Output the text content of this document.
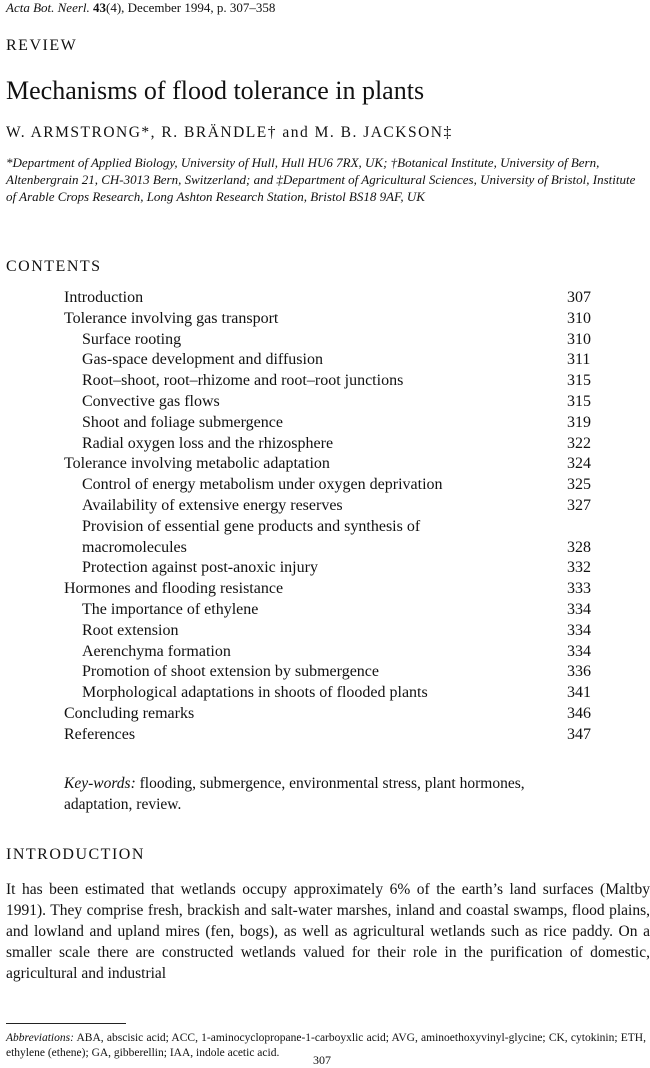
Acta Bot. Neerl. 43(4), December 1994, p. 307–358
REVIEW
Mechanisms of flood tolerance in plants
W. ARMSTRONG*, R. BRÄNDLE† and M. B. JACKSON‡
*Department of Applied Biology, University of Hull, Hull HU6 7RX, UK; †Botanical Institute, University of Bern, Altenbergrain 21, CH-3013 Bern, Switzerland; and ‡Department of Agricultural Sciences, University of Bristol, Institute of Arable Crops Research, Long Ashton Research Station, Bristol BS18 9AF, UK
CONTENTS
Introduction	307
Tolerance involving gas transport	310
Surface rooting	310
Gas-space development and diffusion	311
Root–shoot, root–rhizome and root–root junctions	315
Convective gas flows	315
Shoot and foliage submergence	319
Radial oxygen loss and the rhizosphere	322
Tolerance involving metabolic adaptation	324
Control of energy metabolism under oxygen deprivation	325
Availability of extensive energy reserves	327
Provision of essential gene products and synthesis of
macromolecules	328
Protection against post-anoxic injury	332
Hormones and flooding resistance	333
The importance of ethylene	334
Root extension	334
Aerenchyma formation	334
Promotion of shoot extension by submergence	336
Morphological adaptations in shoots of flooded plants	341
Concluding remarks	346
References	347
Key-words: flooding, submergence, environmental stress, plant hormones, adaptation, review.
INTRODUCTION
It has been estimated that wetlands occupy approximately 6% of the earth’s land surfaces (Maltby 1991). They comprise fresh, brackish and salt-water marshes, inland and coastal swamps, flood plains, and lowland and upland mires (fen, bogs), as well as agricultural wetlands such as rice paddy. On a smaller scale there are constructed wetlands valued for their role in the purification of domestic, agricultural and industrial
Abbreviations: ABA, abscisic acid; ACC, 1-aminocyclopropane-1-carboyxlic acid; AVG, aminoethoxyvinyl-glycine; CK, cytokinin; ETH, ethylene (ethene); GA, gibberellin; IAA, indole acetic acid.	307
